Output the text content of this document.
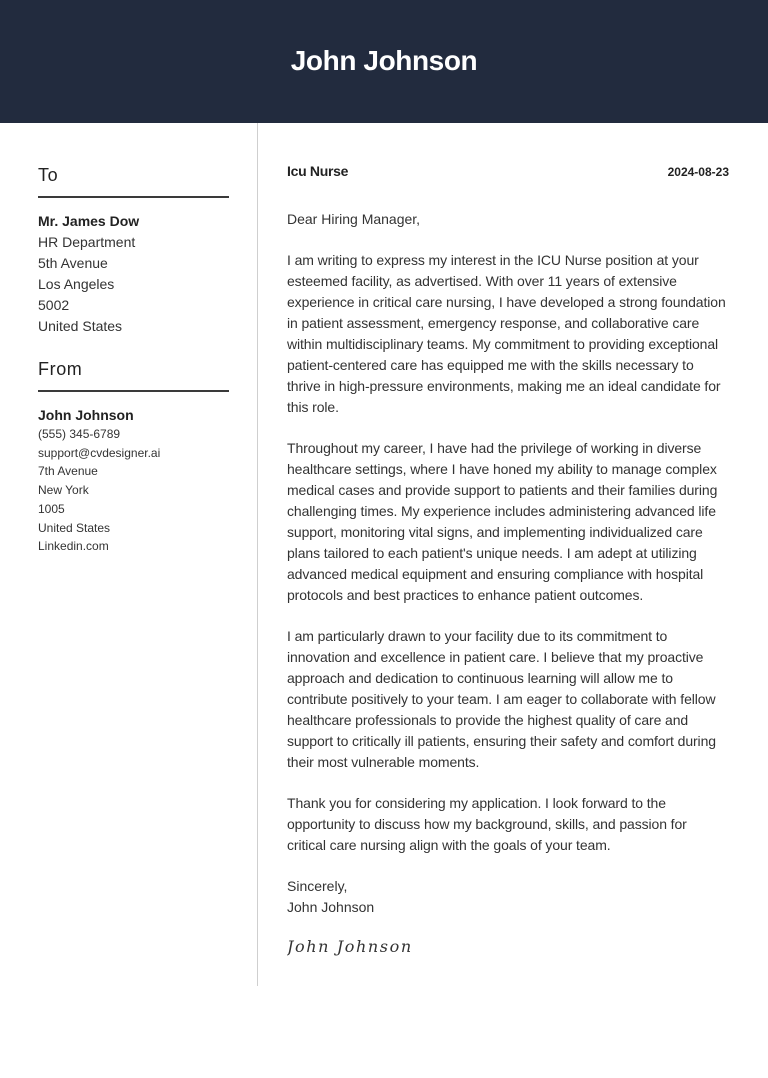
John Johnson
To
Mr. James Dow
HR Department
5th Avenue
Los Angeles
5002
United States
From
John Johnson
(555) 345-6789
support@cvdesigner.ai
7th Avenue
New York
1005
United States
Linkedin.com
Icu Nurse	2024-08-23
Dear Hiring Manager,
I am writing to express my interest in the ICU Nurse position at your esteemed facility, as advertised. With over 11 years of extensive experience in critical care nursing, I have developed a strong foundation in patient assessment, emergency response, and collaborative care within multidisciplinary teams. My commitment to providing exceptional patient-centered care has equipped me with the skills necessary to thrive in high-pressure environments, making me an ideal candidate for this role.
Throughout my career, I have had the privilege of working in diverse healthcare settings, where I have honed my ability to manage complex medical cases and provide support to patients and their families during challenging times. My experience includes administering advanced life support, monitoring vital signs, and implementing individualized care plans tailored to each patient's unique needs. I am adept at utilizing advanced medical equipment and ensuring compliance with hospital protocols and best practices to enhance patient outcomes.
I am particularly drawn to your facility due to its commitment to innovation and excellence in patient care. I believe that my proactive approach and dedication to continuous learning will allow me to contribute positively to your team. I am eager to collaborate with fellow healthcare professionals to provide the highest quality of care and support to critically ill patients, ensuring their safety and comfort during their most vulnerable moments.
Thank you for considering my application. I look forward to the opportunity to discuss how my background, skills, and passion for critical care nursing align with the goals of your team.
Sincerely,
John Johnson
John Johnson
